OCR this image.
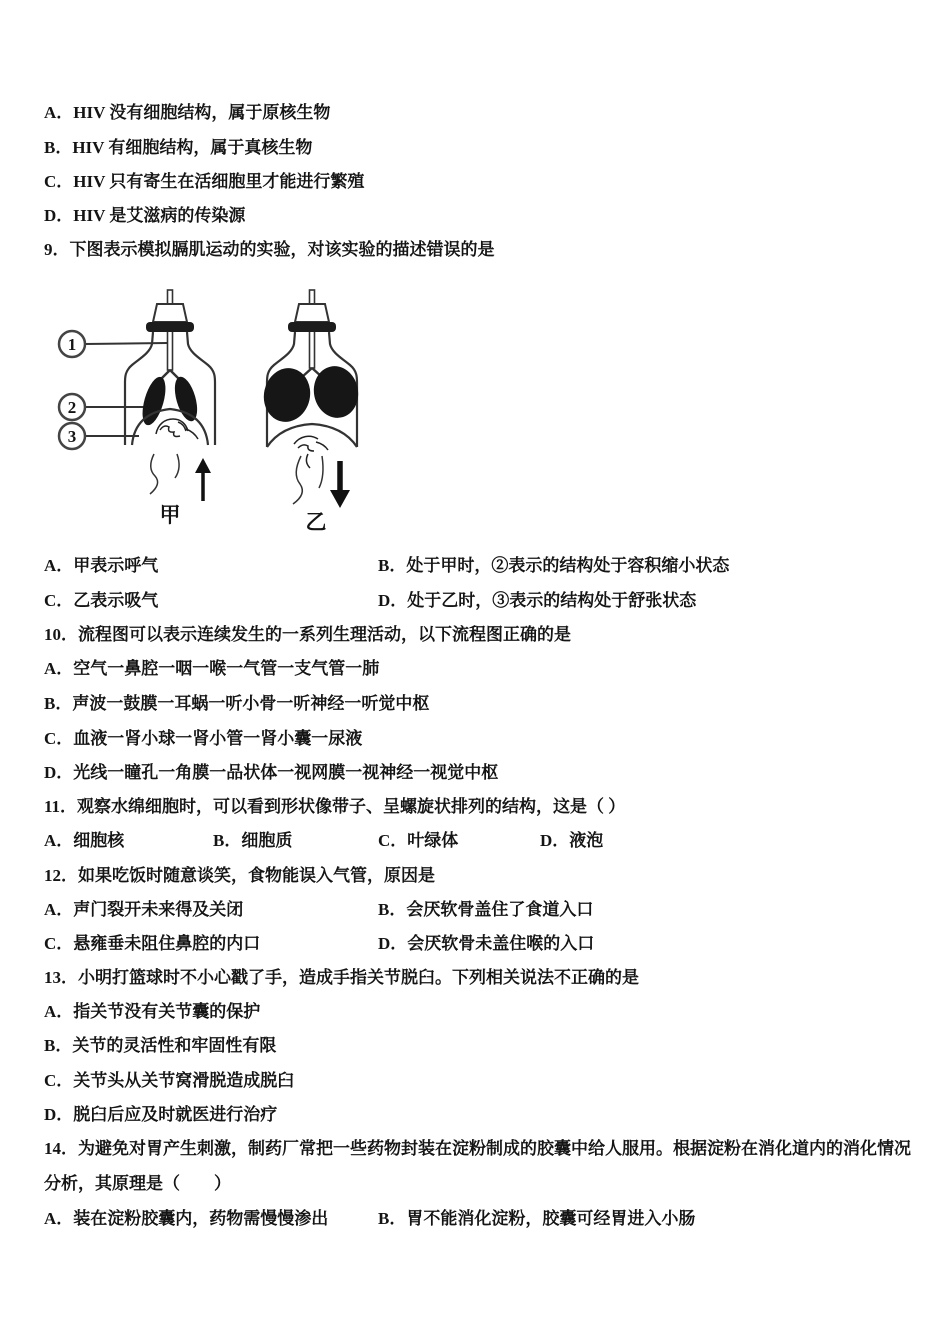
A．HIV 没有细胞结构，属于原核生物
B．HIV 有细胞结构，属于真核生物
C．HIV 只有寄生在活细胞里才能进行繁殖
D．HIV 是艾滋病的传染源
9．下图表示模拟膈肌运动的实验，对该实验的描述错误的是
1
2
3
甲	乙
A．甲表示呼气	B．处于甲时，②表示的结构处于容积缩小状态
C．乙表示吸气	D．处于乙时，③表示的结构处于舒张状态
10．流程图可以表示连续发生的一系列生理活动，以下流程图正确的是
A．空气一鼻腔一咽一喉一气管一支气管一肺
B．声波一鼓膜一耳蜗一听小骨一听神经一听觉中枢
C．血液一肾小球一肾小管一肾小囊一尿液
D．光线一瞳孔一角膜一品状体一视网膜一视神经一视觉中枢
11．观察水绵细胞时，可以看到形状像带子、呈螺旋状排列的结构，这是（ ）
A．细胞核	B．细胞质	C．叶绿体	D．液泡
12．如果吃饭时随意谈笑，食物能误入气管，原因是
A．声门裂开未来得及关闭	B．会厌软骨盖住了食道入口
C．悬雍垂未阻住鼻腔的内口	D．会厌软骨未盖住喉的入口
13．小明打篮球时不小心戳了手，造成手指关节脱臼。下列相关说法不正确的是
A．指关节没有关节囊的保护
B．关节的灵活性和牢固性有限
C．关节头从关节窝滑脱造成脱臼
D．脱臼后应及时就医进行治疗
14．为避免对胃产生刺激，制药厂常把一些药物封装在淀粉制成的胶囊中给人服用。根据淀粉在消化道内的消化情况
分析，其原理是（　　）
A．装在淀粉胶囊内，药物需慢慢渗出	B．胃不能消化淀粉，胶囊可经胃进入小肠
